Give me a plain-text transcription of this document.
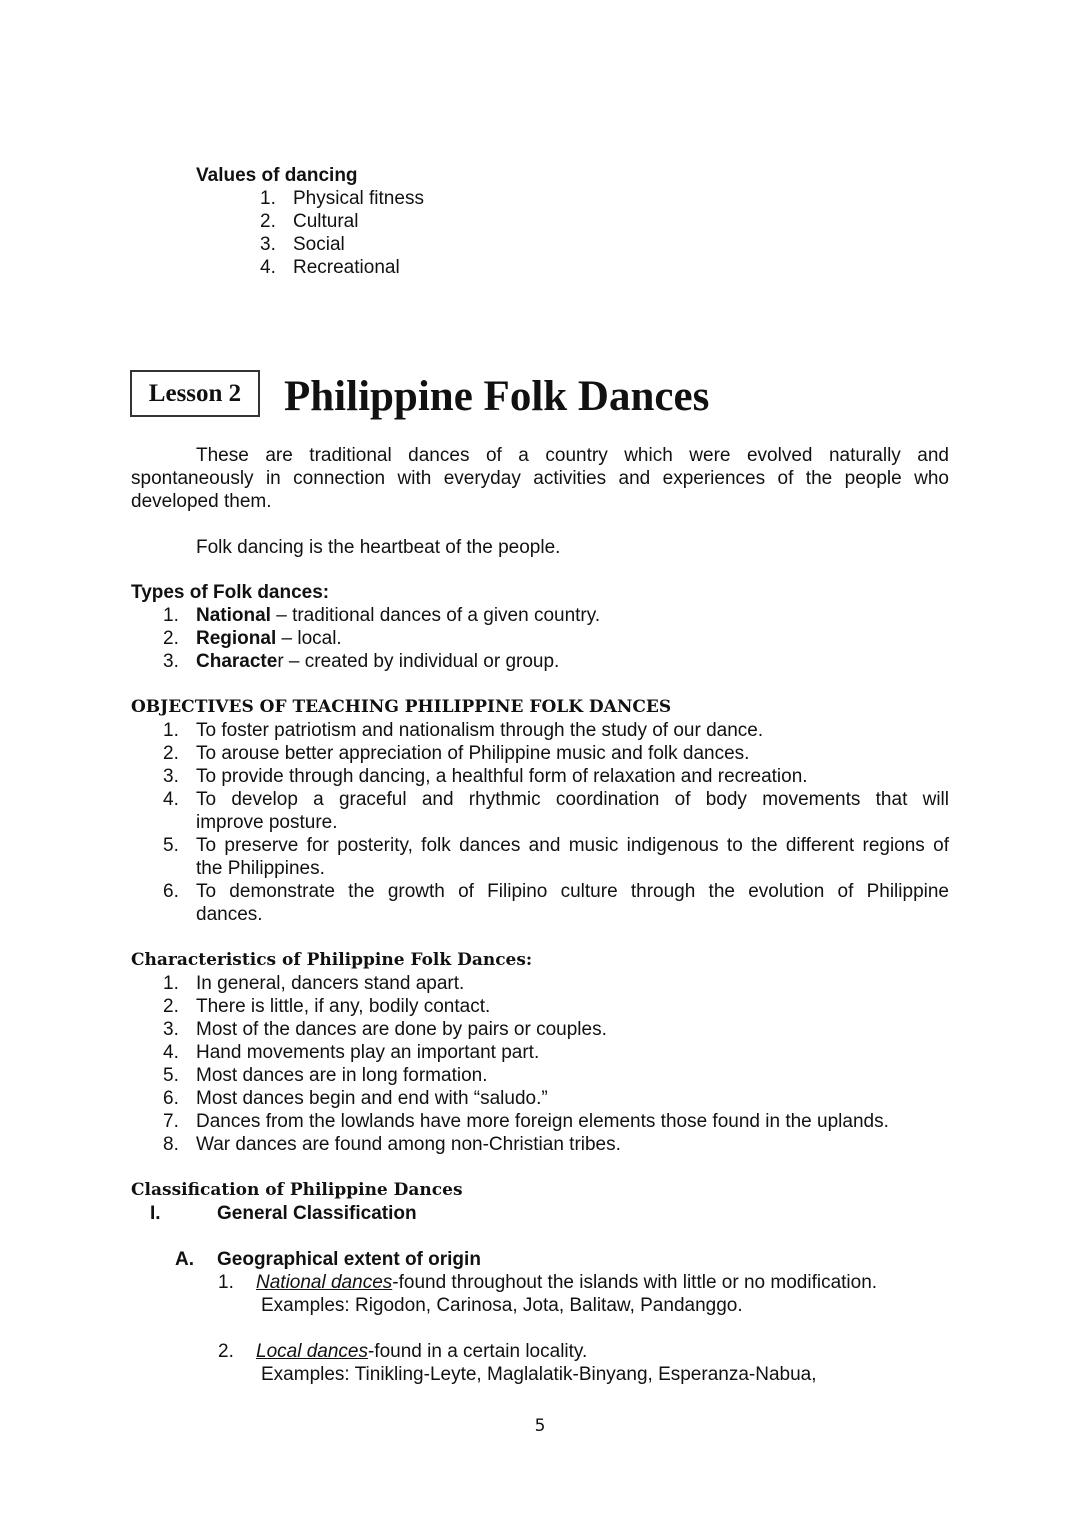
Values of dancing
1. Physical fitness
2. Cultural
3. Social
4. Recreational
Lesson 2 Philippine Folk Dances
These are traditional dances of a country which were evolved naturally and
spontaneously in connection with everyday activities and experiences of the people who
developed them.
Folk dancing is the heartbeat of the people.
Types of Folk dances:
1. National – traditional dances of a given country.
2. Regional – local.
3. Character – created by individual or group.
OBJECTIVES OF TEACHING PHILIPPINE FOLK DANCES
1. To foster patriotism and nationalism through the study of our dance.
2. To arouse better appreciation of Philippine music and folk dances.
3. To provide through dancing, a healthful form of relaxation and recreation.
4. To develop a graceful and rhythmic coordination of body movements that will
improve posture.
5. To preserve for posterity, folk dances and music indigenous to the different regions of
the Philippines.
6. To demonstrate the growth of Filipino culture through the evolution of Philippine
dances.
Characteristics of Philippine Folk Dances:
1. In general, dancers stand apart.
2. There is little, if any, bodily contact.
3. Most of the dances are done by pairs or couples.
4. Hand movements play an important part.
5. Most dances are in long formation.
6. Most dances begin and end with “saludo.”
7. Dances from the lowlands have more foreign elements those found in the uplands.
8. War dances are found among non-Christian tribes.
Classification of Philippine Dances
I.	General Classification
A. Geographical extent of origin
1. National dances-found throughout the islands with little or no modification.
Examples: Rigodon, Carinosa, Jota, Balitaw, Pandanggo.
2. Local dances-found in a certain locality.
Examples: Tinikling-Leyte, Maglalatik-Binyang, Esperanza-Nabua,
5
